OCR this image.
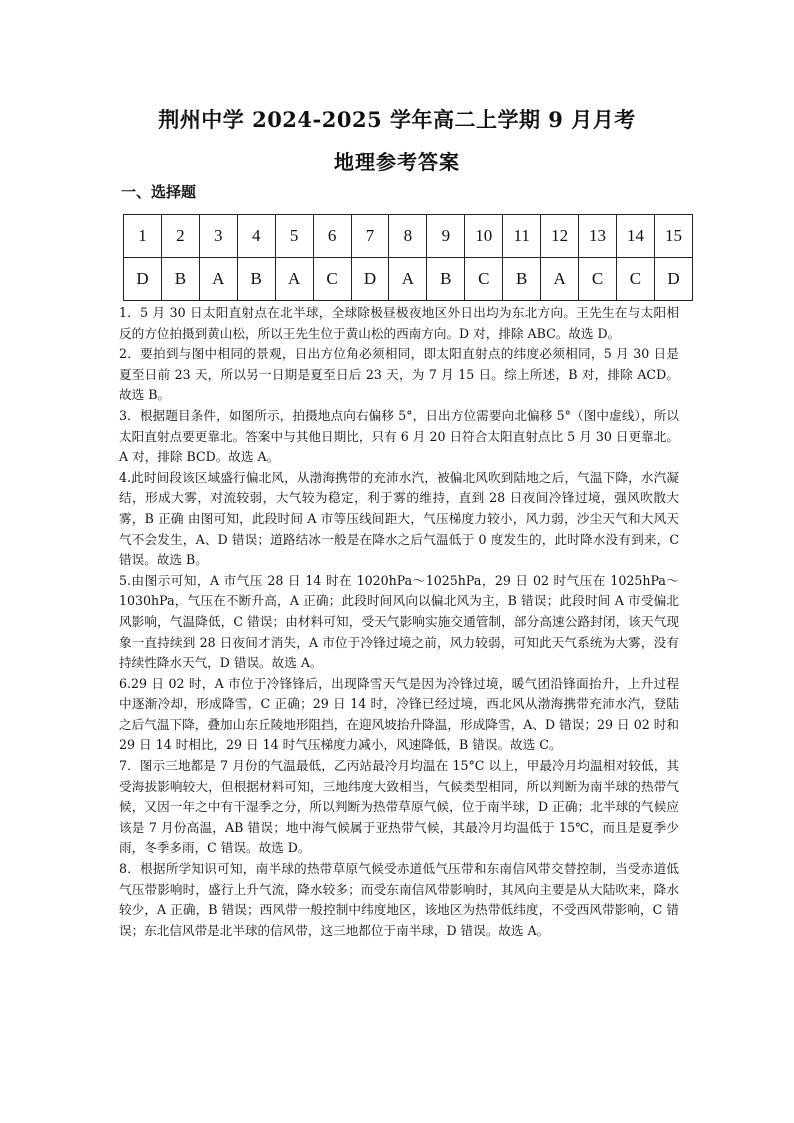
荆州中学 2024-2025 学年高二上学期 9 月月考
地理参考答案
一、选择题
1	2	3	4	5	6	7	8	9	10	11	12	13	14	15
D	B	A	B	A	C	D	A	B	C	B	A	C	C	D

1．5 月 30 日太阳直射点在北半球，全球除极昼极夜地区外日出均为东北方向。王先生在与太阳相反的方位拍摄到黄山松，所以王先生位于黄山松的西南方向。D 对，排除 ABC。故选 D。

2．要拍到与图中相同的景观，日出方位角必须相同，即太阳直射点的纬度必须相同，5 月 30 日是夏至日前 23 天，所以另一日期是夏至日后 23 天，为 7 月 15 日。综上所述，B 对，排除 ACD。故选 B。

3．根据题目条件，如图所示，拍摄地点向右偏移 5°，日出方位需要向北偏移 5°（图中虚线），所以太阳直射点要更靠北。答案中与其他日期比，只有 6 月 20 日符合太阳直射点比 5 月 30 日更靠北。A 对，排除 BCD。故选 A。

4.此时间段该区域盛行偏北风，从渤海携带的充沛水汽，被偏北风吹到陆地之后，气温下降，水汽凝结，形成大雾，对流较弱，大气较为稳定，利于雾的维持，直到 28 日夜间冷锋过境，强风吹散大雾，B 正确 由图可知，此段时间 A 市等压线间距大，气压梯度力较小，风力弱，沙尘天气和大风天气不会发生，A、D 错误；道路结冰一般是在降水之后气温低于 0 度发生的，此时降水没有到来，C 错误。故选 B。

5.由图示可知，A 市气压 28 日 14 时在 1020hPa～1025hPa，29 日 02 时气压在 1025hPa～1030hPa，气压在不断升高，A 正确；此段时间风向以偏北风为主，B 错误；此段时间 A 市受偏北风影响，气温降低，C 错误；由材料可知，受天气影响实施交通管制，部分高速公路封闭，该天气现象一直持续到 28 日夜间才消失，A 市位于冷锋过境之前，风力较弱，可知此天气系统为大雾，没有持续性降水天气，D 错误。故选 A。

6.29 日 02 时，A 市位于冷锋锋后，出现降雪天气是因为冷锋过境，暖气团沿锋面抬升，上升过程中逐渐冷却，形成降雪，C 正确；29 日 14 时，冷锋已经过境，西北风从渤海携带充沛水汽，登陆之后气温下降，叠加山东丘陵地形阻挡，在迎风坡抬升降温，形成降雪，A、D 错误；29 日 02 时和 29 日 14 时相比，29 日 14 时气压梯度力减小，风速降低，B 错误。故选 C。

7．图示三地都是 7 月份的气温最低，乙丙站最冷月均温在 15°C 以上，甲最冷月均温相对较低，其受海拔影响较大，但根据材料可知，三地纬度大致相当，气候类型相同，所以判断为南半球的热带气候，又因一年之中有干湿季之分，所以判断为热带草原气候，位于南半球，D 正确；北半球的气候应该是 7 月份高温，AB 错误；地中海气候属于亚热带气候，其最冷月均温低于 15℃，而且是夏季少雨，冬季多雨，C 错误。故选 D。

8．根据所学知识可知，南半球的热带草原气候受赤道低气压带和东南信风带交替控制，当受赤道低气压带影响时，盛行上升气流，降水较多；而受东南信风带影响时，其风向主要是从大陆吹来，降水较少，A 正确，B 错误；西风带一般控制中纬度地区，该地区为热带低纬度，不受西风带影响，C 错误；东北信风带是北半球的信风带，这三地都位于南半球，D 错误。故选 A。
